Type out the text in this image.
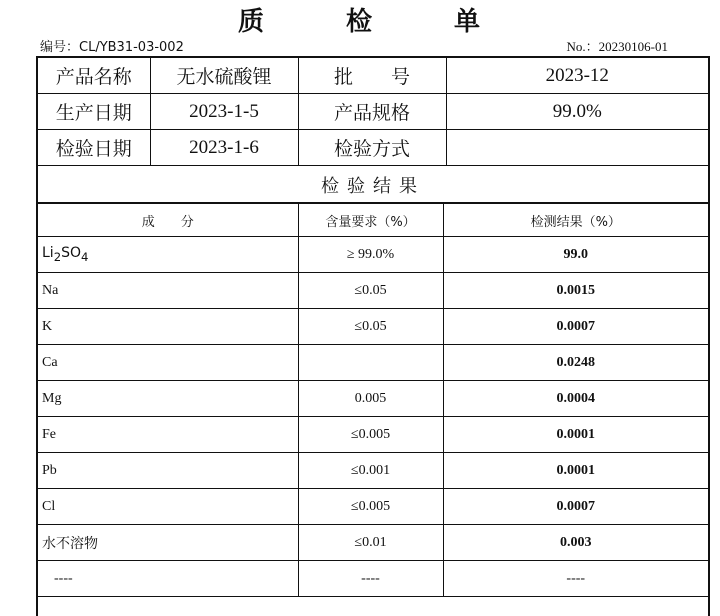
质	检	单
编号：CL/YB31-03-002	No.：20230106-01
产品名称	无水硫酸锂	批　　号	2023-12
生产日期	2023-1-5	产品规格	99.0%
检验日期	2023-1-6	检验方式	
检验结果
成　　分	含量要求（%）	检测结果（%）
$Li_2SO_4$	≥ 99.0%	99.0
Na	≤0.05	0.0015
K	≤0.05	0.0007
Ca		0.0248
Mg	0.005	0.0004
Fe	≤0.005	0.0001
Pb	≤0.001	0.0001
Cl	≤0.005	0.0007
水不溶物	≤0.01	0.003
----	----	----
